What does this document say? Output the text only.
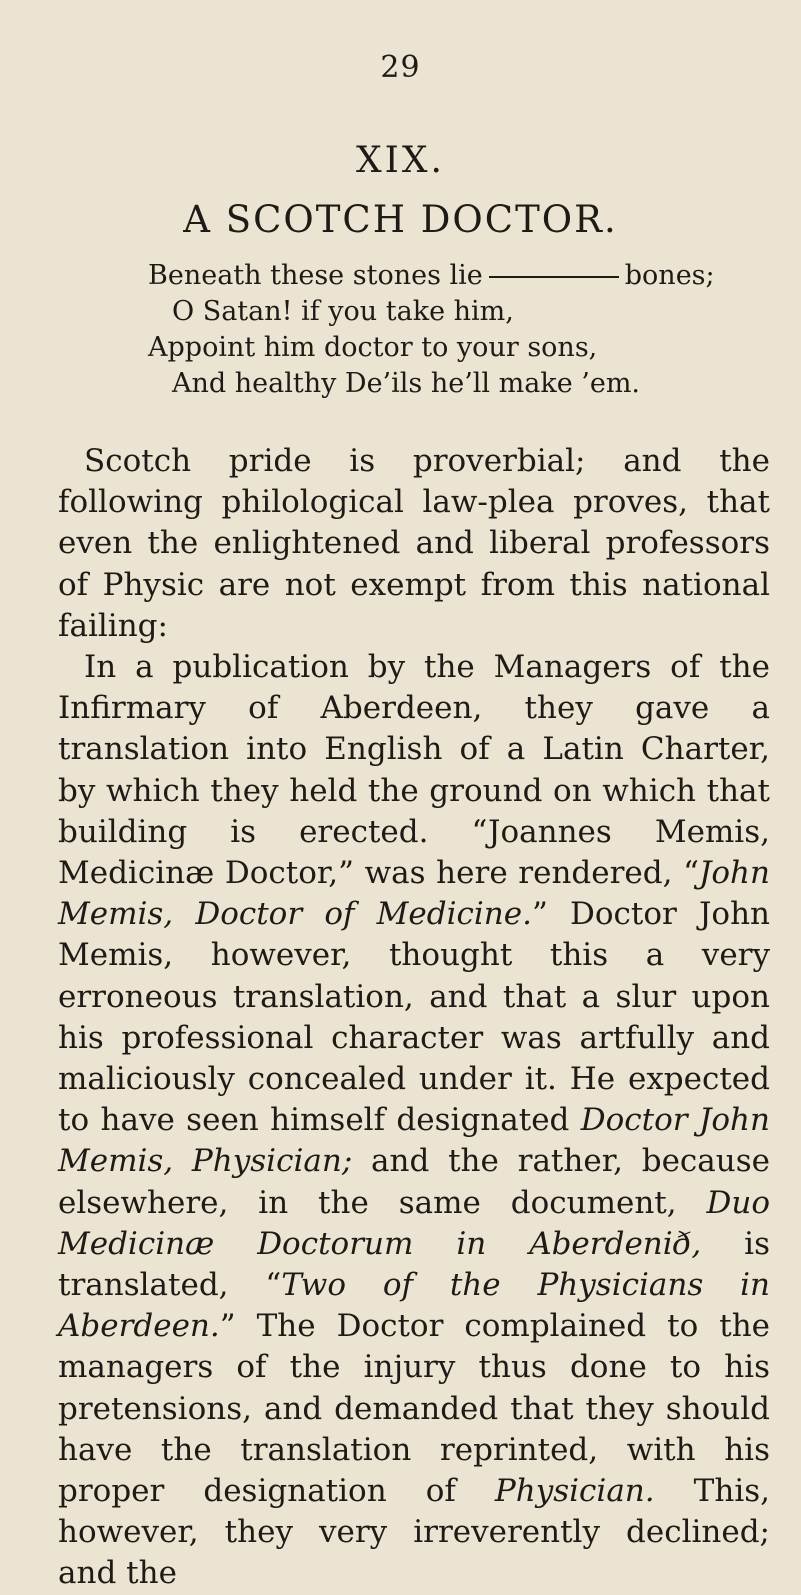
29
XIX.
A SCOTCH DOCTOR.
Beneath these stones lie	bones;
O Satan! if you take him,
Appoint him doctor to your sons,
And healthy De’ils he’ll make ’em.

Scotch pride is proverbial; and the following philological law-plea proves, that even the enlightened and liberal professors of Physic are not exempt from this national failing:

In a publication by the Managers of the Infirmary of Aberdeen, they gave a translation into English of a Latin Charter, by which they held the ground on which that building is erected. “Joannes Memis, Medicinæ Doctor,” was here rendered, “John Memis, Doctor of Medicine.” Doctor John Memis, however, thought this a very erroneous translation, and that a slur upon his professional character was artfully and maliciously concealed under it. He expected to have seen himself designated Doctor John Memis, Physician; and the rather, because elsewhere, in the same document, Duo Medicinæ Doctorum in Aberdenið, is translated, “Two of the Physicians in Aberdeen.” The Doctor complained to the managers of the injury thus done to his pretensions, and demanded that they should have the translation reprinted, with his proper designation of Physician. This, however, they very irreverently declined; and the
